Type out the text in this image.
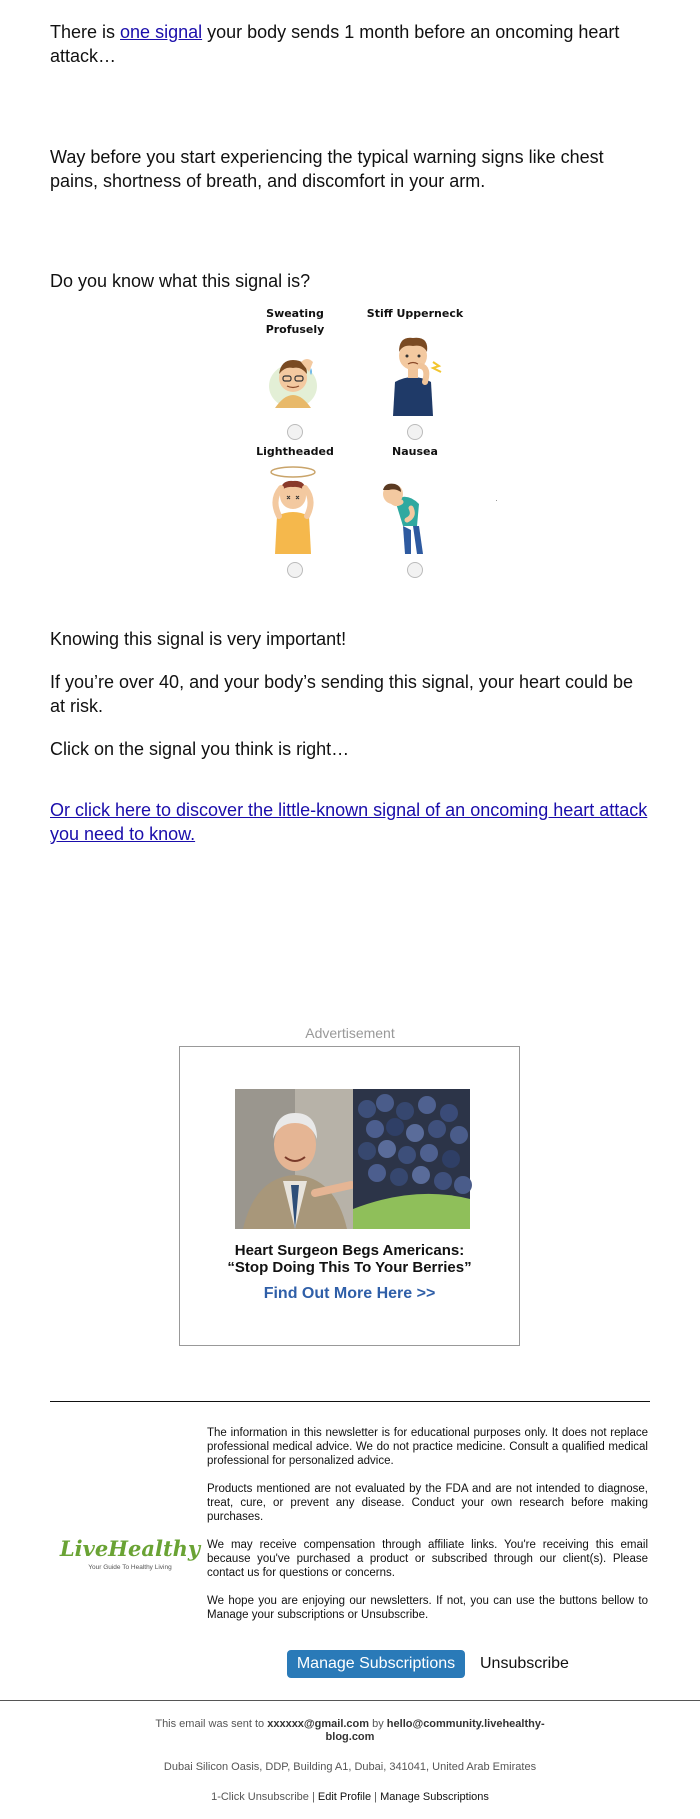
There is one signal your body sends 1 month before an oncoming heart attack…

Way before you start experiencing the typical warning signs like chest pains, shortness of breath, and discomfort in your arm.

Do you know what this signal is?

Sweating Profusely
Stiff Upperneck
Lightheaded	Nausea

Knowing this signal is very important!

If you’re over 40, and your body’s sending this signal, your heart could be at risk.

Click on the signal you think is right…

Or click here to discover the little-known signal of an oncoming heart attack you need to know.

Advertisement
Heart Surgeon Begs Americans:
“Stop Doing This To Your Berries”
Find Out More Here >>
LiveHealthy
Your Guide To Healthy Living

The information in this newsletter is for educational purposes only. It does not replace professional medical advice. We do not practice medicine. Consult a qualified medical professional for personalized advice.

Products mentioned are not evaluated by the FDA and are not intended to diagnose, treat, cure, or prevent any disease. Conduct your own research before making purchases.

We may receive compensation through affiliate links. You're receiving this email because you've purchased a product or subscribed through our client(s). Please contact us for questions or concerns.

We hope you are enjoying our newsletters. If not, you can use the buttons bellow to Manage your subscriptions or Unsubscribe.

Manage Subscriptions	Unsubscribe
This email was sent to xxxxxx@gmail.com by hello@community.livehealthy-blog.com
Dubai Silicon Oasis, DDP, Building A1, Dubai, 341041, United Arab Emirates
1-Click Unsubscribe | Edit Profile | Manage Subscriptions
